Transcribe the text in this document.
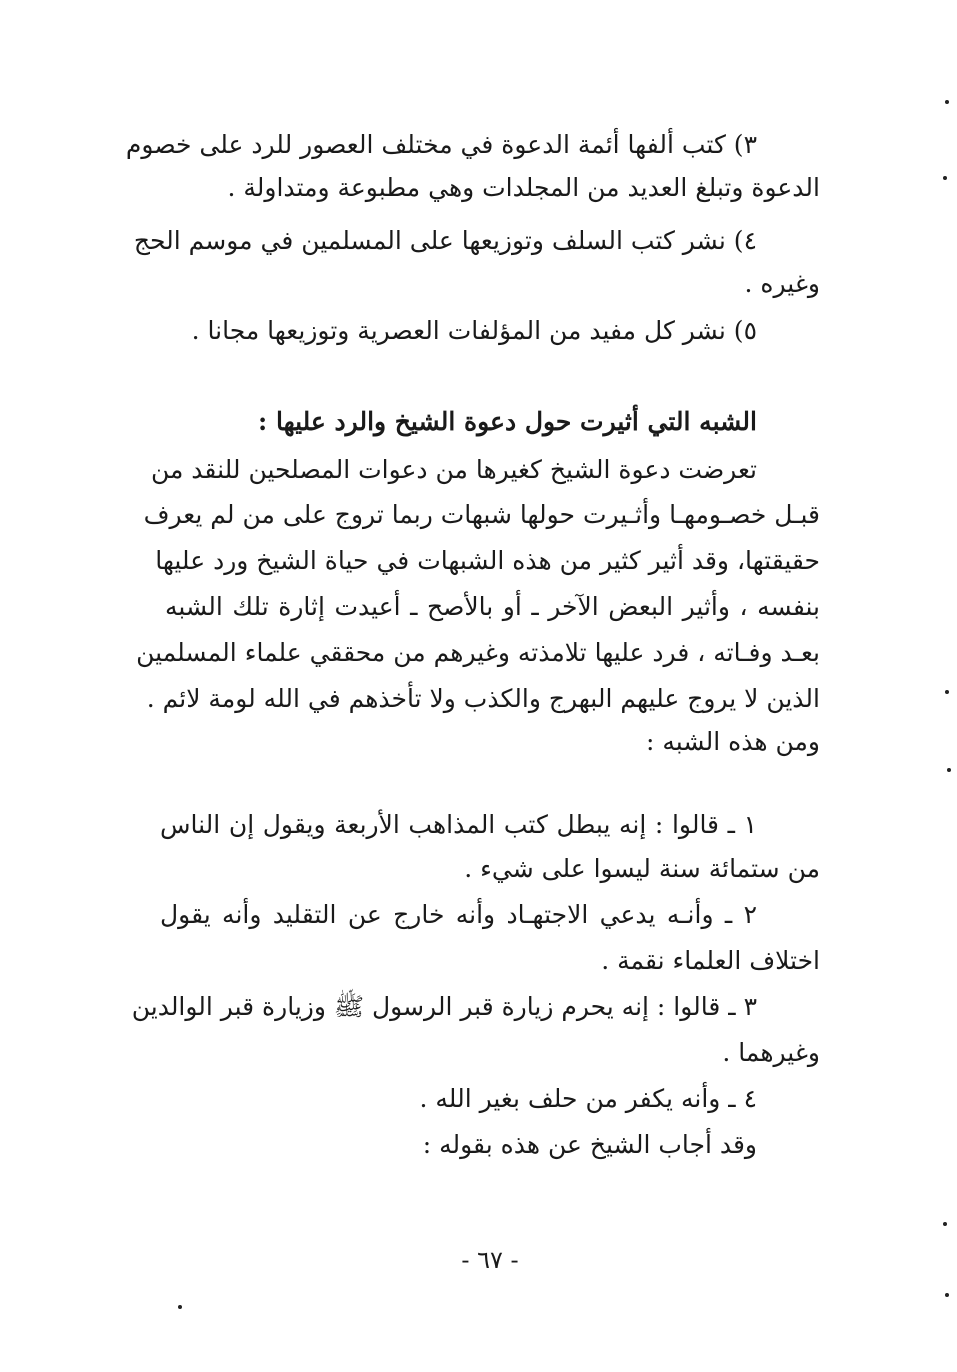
٣) كتب ألفها أئمة الدعوة في مختلف العصور للرد على خصوم
الدعوة وتبلغ العديد من المجلدات وهي مطبوعة ومتداولة .
٤) نشر كتب السلف وتوزيعها على المسلمين في موسم الحج
وغيره .
٥) نشر كل مفيد من المؤلفات العصرية وتوزيعها مجانا .
الشبه التي أثيرت حول دعوة الشيخ والرد عليها :
تعرضت دعوة الشيخ كغيرها من دعوات المصلحين للنقد من
قبـل خصـومهـا وأثـيرت حولها شبهات ربما تروج على من لم يعرف
حقيقتها، وقد أثير كثير من هذه الشبهات في حياة الشيخ ورد عليها
بنفسه ، وأثير البعض الآخر ـ أو بالأصح ـ أعيدت إثارة تلك الشبه
بعـد وفـاته ، فرد عليها تلامذته وغيرهم من محققي علماء المسلمين
الذين لا يروج عليهم البهرج والكذب ولا تأخذهم في الله لومة لائم .
ومن هذه الشبه :
١ ـ قالوا : إنه يبطل كتب المذاهب الأربعة ويقول إن الناس
من ستمائة سنة ليسوا على شيء .
٢ ـ وأنـه يدعي الاجتهـاد وأنه خارج عن التقليد وأنه يقول
اختلاف العلماء نقمة .
٣ ـ قالوا : إنه يحرم زيارة قبر الرسول ﷺ وزيارة قبر الوالدين
وغيرهما .
٤ ـ وأنه يكفر من حلف بغير الله .
وقد أجاب الشيخ عن هذه بقوله :
- ٦٧ -
